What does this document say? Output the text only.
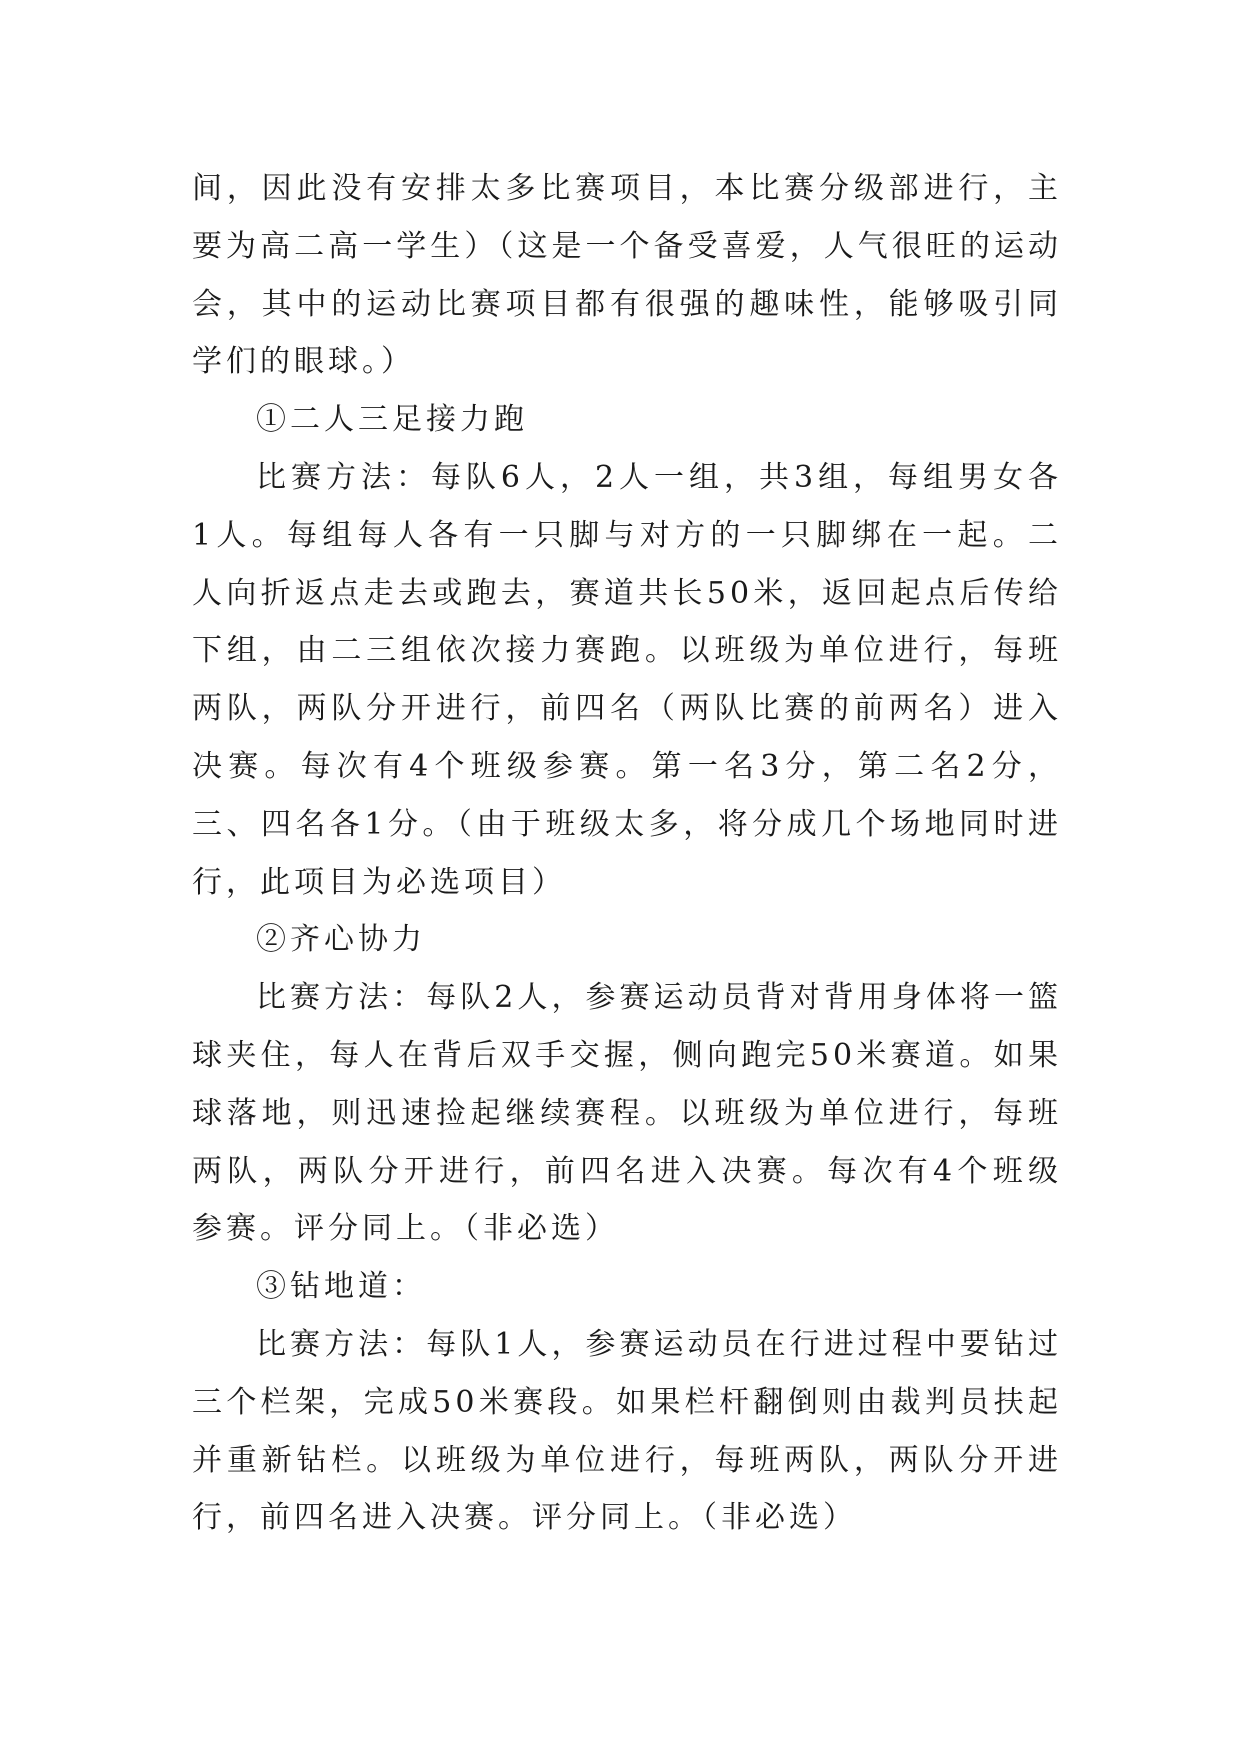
间，因此没有安排太多比赛项目，本比赛分级部进行，主要为高二高一学生）（这是一个备受喜爱，人气很旺的运动会，其中的运动比赛项目都有很强的趣味性，能够吸引同学们的眼球。）

①二人三足接力跑

比赛方法：每队6人，2人一组，共3组，每组男女各1人。每组每人各有一只脚与对方的一只脚绑在一起。二人向折返点走去或跑去，赛道共长50米，返回起点后传给下组，由二三组依次接力赛跑。以班级为单位进行，每班两队，两队分开进行，前四名（两队比赛的前两名）进入决赛。每次有4个班级参赛。第一名3分，第二名2分，三、四名各1分。（由于班级太多，将分成几个场地同时进行，此项目为必选项目）

②齐心协力

比赛方法：每队2人，参赛运动员背对背用身体将一篮球夹住，每人在背后双手交握，侧向跑完50米赛道。如果球落地，则迅速捡起继续赛程。以班级为单位进行，每班两队，两队分开进行，前四名进入决赛。每次有4个班级参赛。评分同上。（非必选）

③钻地道：

比赛方法：每队1人，参赛运动员在行进过程中要钻过三个栏架，完成50米赛段。如果栏杆翻倒则由裁判员扶起并重新钻栏。以班级为单位进行，每班两队，两队分开进行，前四名进入决赛。评分同上。（非必选）
